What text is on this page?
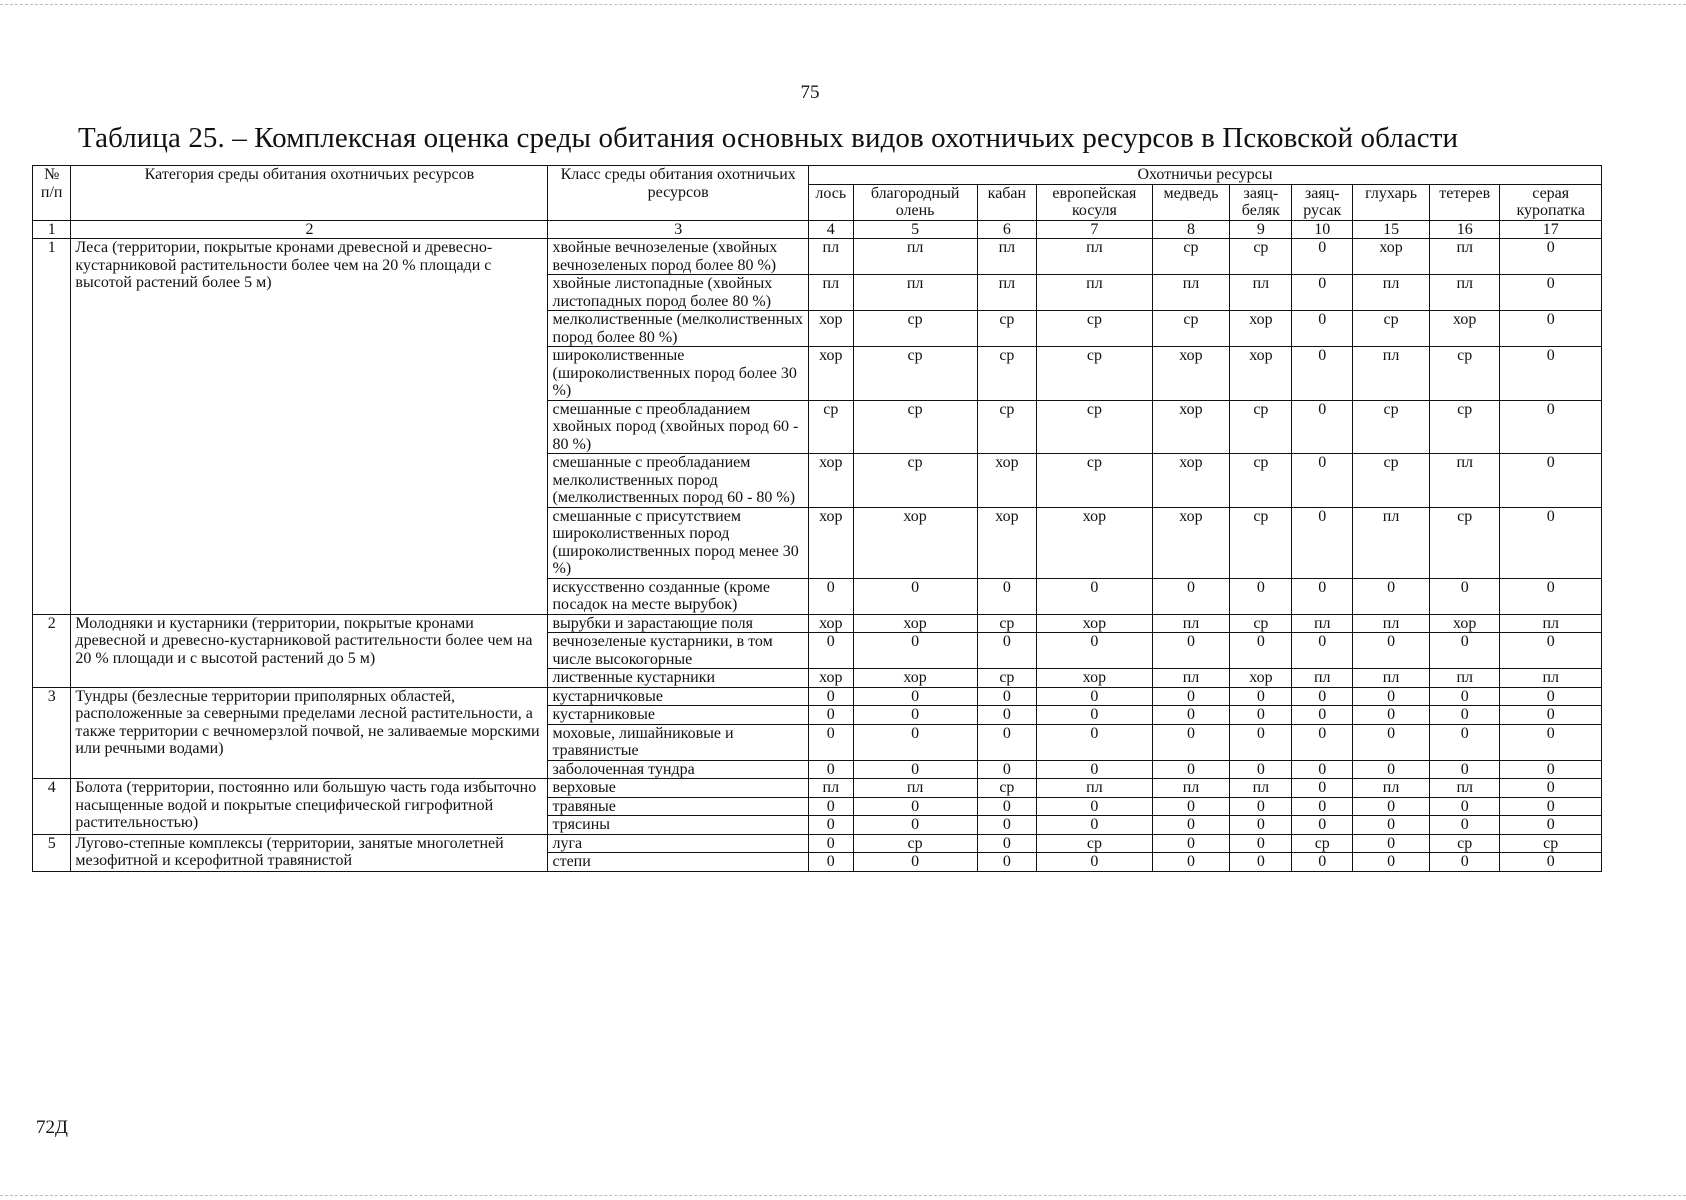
75
Таблица 25. – Комплексная оценка среды обитания основных видов охотничьих ресурсов в Псковской области
№ п/п	Категория среды обитания охотничьих ресурсов	Класс среды обитания охотничьих ресурсов	Охотничьи ресурсы									
			лось	благородный олень	кабан	европейская косуля	медведь	заяц-беляк	заяц-русак	глухарь	тетерев	серая куропатка
1	2	3	4	5	6	7	8	9	10	15	16	17
1	Леса (территории, покрытые кронами древесной и древесно-кустарниковой растительности более чем на 20 % площади с высотой растений более 5 м)	хвойные вечнозеленые (хвойных вечнозеленых пород более 80 %)	пл	пл	пл	пл	ср	ср	0	хор	пл	0
		хвойные листопадные (хвойных листопадных пород более 80 %)	пл	пл	пл	пл	пл	пл	0	пл	пл	0
		мелколиственные (мелколиственных пород более 80 %)	хор	ср	ср	ср	ср	хор	0	ср	хор	0
		широколиственные (широколиственных пород более 30 %)	хор	ср	ср	ср	хор	хор	0	пл	ср	0
		смешанные с преобладанием хвойных пород (хвойных пород 60 - 80 %)	ср	ср	ср	ср	хор	ср	0	ср	ср	0
		смешанные с преобладанием мелколиственных пород (мелколиственных пород 60 - 80 %)	хор	ср	хор	ср	хор	ср	0	ср	пл	0
		смешанные с присутствием широколиственных пород (широколиственных пород менее 30 %)	хор	хор	хор	хор	хор	ср	0	пл	ср	0
		искусственно созданные (кроме посадок на месте вырубок)	0	0	0	0	0	0	0	0	0	0
2	Молодняки и кустарники (территории, покрытые кронами древесной и древесно-кустарниковой растительности более чем на 20 % площади и с высотой растений до 5 м)	вырубки и зарастающие поля	хор	хор	ср	хор	пл	ср	пл	пл	хор	пл
		вечнозеленые кустарники, в том числе высокогорные	0	0	0	0	0	0	0	0	0	0
		лиственные кустарники	хор	хор	ср	хор	пл	хор	пл	пл	пл	пл
3	Тундры (безлесные территории приполярных областей, расположенные за северными пределами лесной растительности, а также территории с вечномерзлой почвой, не заливаемые морскими или речными водами)	кустарничковые	0	0	0	0	0	0	0	0	0	0
		кустарниковые	0	0	0	0	0	0	0	0	0	0
		моховые, лишайниковые и травянистые	0	0	0	0	0	0	0	0	0	0
		заболоченная тундра	0	0	0	0	0	0	0	0	0	0
4	Болота (территории, постоянно или большую часть года избыточно насыщенные водой и покрытые специфической гигрофитной растительностью)	верховые	пл	пл	ср	пл	пл	пл	0	пл	пл	0
		травяные	0	0	0	0	0	0	0	0	0	0
		трясины	0	0	0	0	0	0	0	0	0	0
5	Лугово-степные комплексы (территории, занятые многолетней мезофитной и ксерофитной травянистой	луга	0	ср	0	ср	0	0	ср	0	ср	ср
		степи	0	0	0	0	0	0	0	0	0	0
72Д
